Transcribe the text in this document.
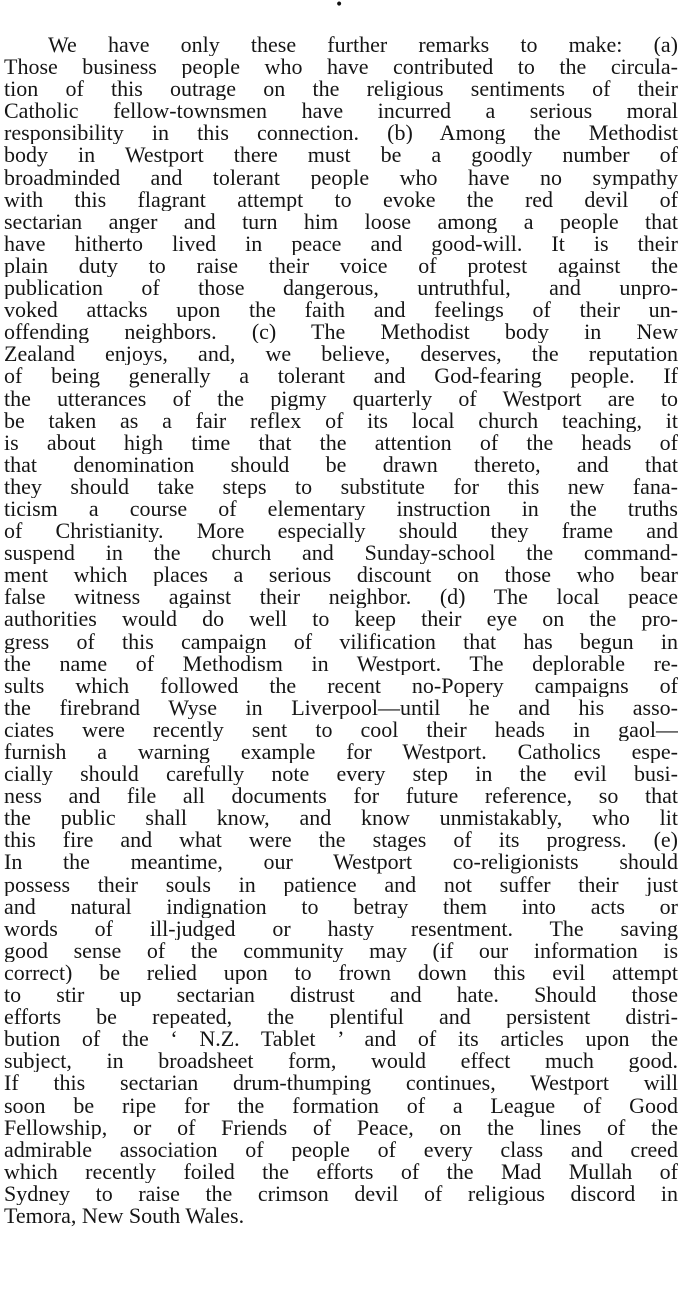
•
We have only these further remarks to make: (a)
Those business people who have contributed to the circula-
tion of this outrage on the religious sentiments of their
Catholic fellow-townsmen have incurred a serious moral
responsibility in this connection. (b) Among the Methodist
body in Westport there must be a goodly number of
broadminded and tolerant people who have no sympathy
with this flagrant attempt to evoke the red devil of
sectarian anger and turn him loose among a people that
have hitherto lived in peace and good-will. It is their
plain duty to raise their voice of protest against the
publication of those dangerous, untruthful, and unpro-
voked attacks upon the faith and feelings of their un-
offending neighbors. (c) The Methodist body in New
Zealand enjoys, and, we believe, deserves, the reputation
of being generally a tolerant and God-fearing people. If
the utterances of the pigmy quarterly of Westport are to
be taken as a fair reflex of its local church teaching, it
is about high time that the attention of the heads of
that denomination should be drawn thereto, and that
they should take steps to substitute for this new fana-
ticism a course of elementary instruction in the truths
of Christianity. More especially should they frame and
suspend in the church and Sunday-school the command-
ment which places a serious discount on those who bear
false witness against their neighbor. (d) The local peace
authorities would do well to keep their eye on the pro-
gress of this campaign of vilification that has begun in
the name of Methodism in Westport. The deplorable re-
sults which followed the recent no-Popery campaigns of
the firebrand Wyse in Liverpool—until he and his asso-
ciates were recently sent to cool their heads in gaol—
furnish a warning example for Westport. Catholics espe-
cially should carefully note every step in the evil busi-
ness and file all documents for future reference, so that
the public shall know, and know unmistakably, who lit
this fire and what were the stages of its progress. (e)
In the meantime, our Westport co-religionists should
possess their souls in patience and not suffer their just
and natural indignation to betray them into acts or
words of ill-judged or hasty resentment. The saving
good sense of the community may (if our information is
correct) be relied upon to frown down this evil attempt
to stir up sectarian distrust and hate. Should those
efforts be repeated, the plentiful and persistent distri-
bution of the ‘ N.Z. Tablet ’ and of its articles upon the
subject, in broadsheet form, would effect much good.
If this sectarian drum-thumping continues, Westport will
soon be ripe for the formation of a League of Good
Fellowship, or of Friends of Peace, on the lines of the
admirable association of people of every class and creed
which recently foiled the efforts of the Mad Mullah of
Sydney to raise the crimson devil of religious discord in
Temora, New South Wales.
